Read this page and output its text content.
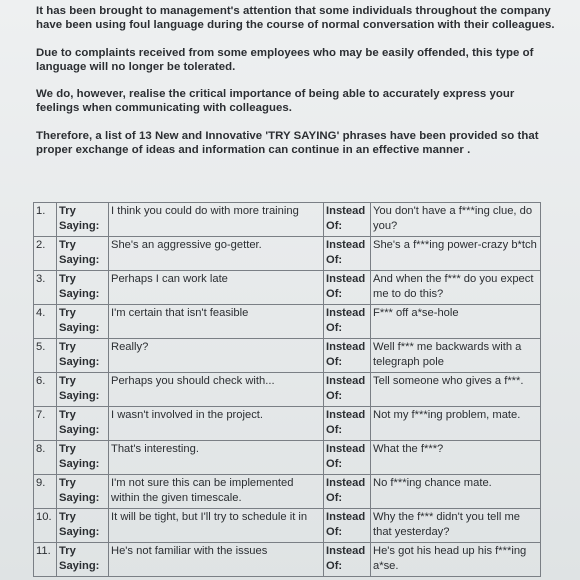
It has been brought to management's attention that some individuals throughout the company have been using foul language during the course of normal conversation with their colleagues.

Due to complaints received from some employees who may be easily offended, this type of language will no longer be tolerated.

We do, however, realise the critical importance of being able to accurately express your feelings when communicating with colleagues.

Therefore, a list of 13 New and Innovative 'TRY SAYING' phrases have been provided so that proper exchange of ideas and information can continue in an effective manner .

1.	Try
Saying:	I think you could do with more training	Instead
Of:	You don't have a f***ing clue, do you?
2.	Try
Saying:	She's an aggressive go-getter.	Instead
Of:	She's a f***ing power-crazy b*tch
3.	Try
Saying:	Perhaps I can work late	Instead
Of:	And when the f*** do you expect me to do this?
4.	Try
Saying:	I'm certain that isn't feasible	Instead
Of:	F*** off a*se-hole
5.	Try
Saying:	Really?	Instead
Of:	Well f*** me backwards with a telegraph pole
6.	Try
Saying:	Perhaps you should check with...	Instead
Of:	Tell someone who gives a f***.
7.	Try
Saying:	I wasn't involved in the project.	Instead
Of:	Not my f***ing problem, mate.
8.	Try
Saying:	That's interesting.	Instead
Of:	What the f***?
9.	Try
Saying:	I'm not sure this can be implemented within the given timescale.	Instead
Of:	No f***ing chance mate.
10.	Try
Saying:	It will be tight, but I'll try to schedule it in	Instead
Of:	Why the f*** didn't you tell me that yesterday?
11.	Try
Saying:	He's not familiar with the issues	Instead
Of:	He's got his head up his f***ing a*se.
